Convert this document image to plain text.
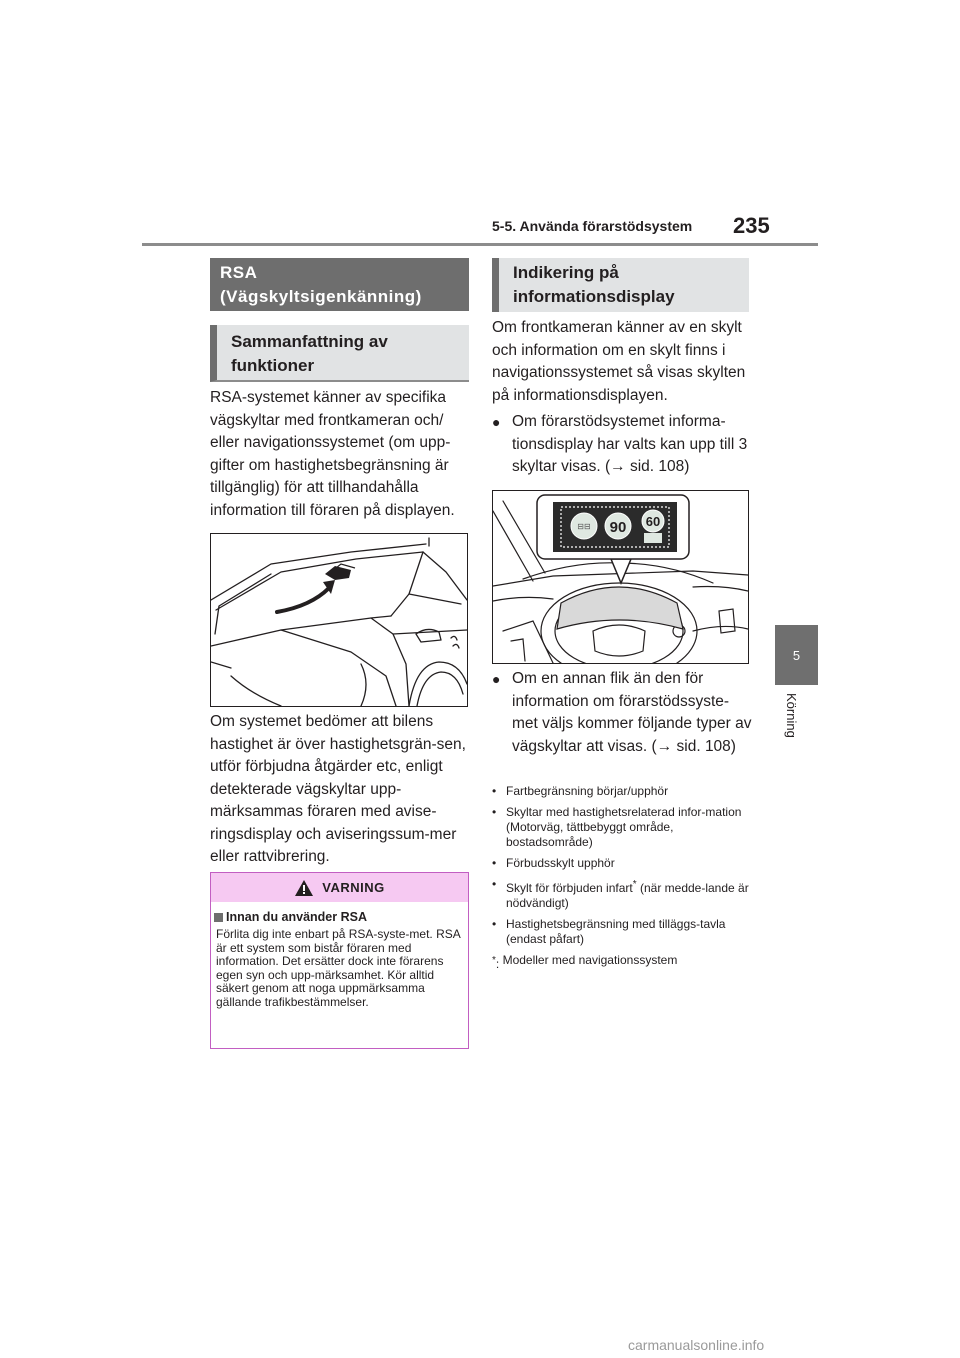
5-5. Använda förarstödsystem 235
5
Körning
RSA (Vägskyltsigenkänning)
Sammanfattning av funktioner
RSA-systemet känner av specifika vägskyltar med frontkameran och/ eller navigationssystemet (om upp-gifter om hastighetsbegränsning är tillgänglig) för att tillhandahålla information till föraren på displayen.
Om systemet bedömer att bilens hastighet är över hastighetsgrän-sen, utför förbjudna åtgärder etc, enligt detekterade vägskyltar upp-märksammas föraren med avise-ringsdisplay och aviseringssum-mer eller rattvibrering.
VARNING
Innan du använder RSA
Förlita dig inte enbart på RSA-syste-met. RSA är ett system som bistår föraren med information. Det ersätter dock inte förarens egen syn och upp-märksamhet. Kör alltid säkert genom att noga uppmärksamma gällande trafikbestämmelser.
Indikering på informationsdisplay
Om frontkameran känner av en skylt och information om en skylt finns i navigationssystemet så visas skylten på informationsdisplayen.
● Om förarstödsystemet informa-tionsdisplay har valts kan upp till 3 skyltar visas. (→ sid. 108)
⊟⊟ 90 60
● Om en annan flik än den för information om förarstödssyste-met väljs kommer följande typer av vägskyltar att visas. (→ sid. 108)
• Fartbegränsning börjar/upphör
• Skyltar med hastighetsrelaterad infor-mation (Motorväg, tättbebyggt område, bostadsområde)
• Förbudsskylt upphör
• Skylt för förbjuden infart* (när medde-lande är nödvändigt)
• Hastighetsbegränsning med tilläggs-tavla (endast påfart)
*: Modeller med navigationssystem
carmanualsonline.info
